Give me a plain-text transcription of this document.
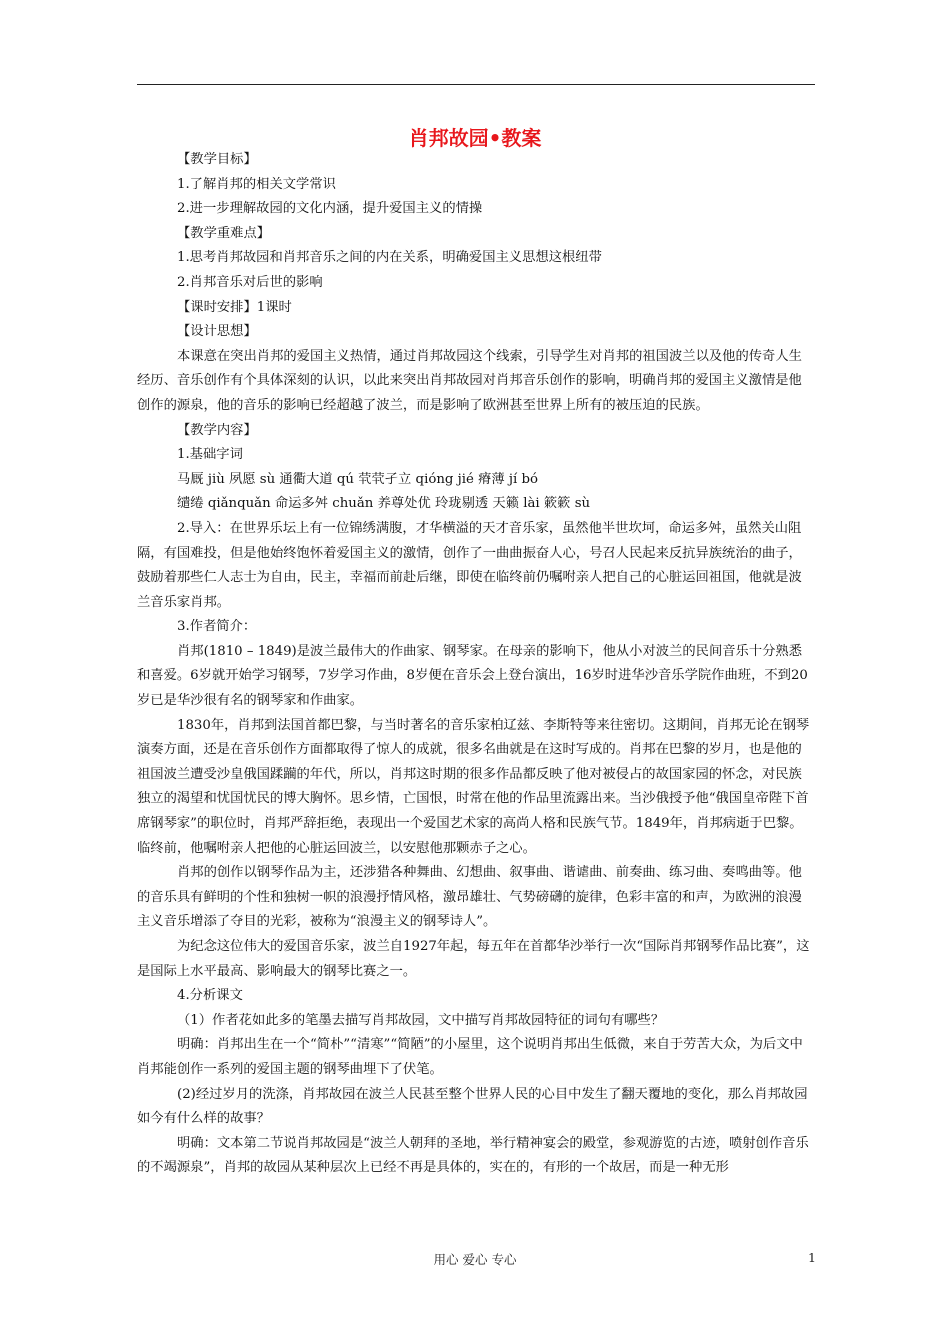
肖邦故园•教案

【教学目标】

1.了解肖邦的相关文学常识

2.进一步理解故园的文化内涵，提升爱国主义的情操

【教学重难点】

1.思考肖邦故园和肖邦音乐之间的内在关系，明确爱国主义思想这根纽带

2.肖邦音乐对后世的影响

【课时安排】1课时

【设计思想】

本课意在突出肖邦的爱国主义热情，通过肖邦故园这个线索，引导学生对肖邦的祖国波兰以及他的传奇人生经历、音乐创作有个具体深刻的认识，以此来突出肖邦故园对肖邦音乐创作的影响，明确肖邦的爱国主义激情是他创作的源泉，他的音乐的影响已经超越了波兰，而是影响了欧洲甚至世界上所有的被压迫的民族。

【教学内容】

1.基础字词

马厩 jiù 夙愿 sù 通衢大道 qú 茕茕孑立 qióng jié 瘠薄 jí bó

缱绻 qiǎnquǎn 命运多舛 chuǎn 养尊处优 玲珑剔透 天籁 lài 簌簌 sù

2.导入：在世界乐坛上有一位锦绣满腹，才华横溢的天才音乐家，虽然他半世坎坷，命运多舛，虽然关山阻隔，有国难投，但是他始终饱怀着爱国主义的激情，创作了一曲曲振奋人心，号召人民起来反抗异族统治的曲子，鼓励着那些仁人志士为自由，民主，幸福而前赴后继，即使在临终前仍嘱咐亲人把自己的心脏运回祖国，他就是波兰音乐家肖邦。

3.作者简介：

肖邦(1810 – 1849)是波兰最伟大的作曲家、钢琴家。在母亲的影响下，他从小对波兰的民间音乐十分熟悉和喜爱。6岁就开始学习钢琴，7岁学习作曲，8岁便在音乐会上登台演出，16岁时进华沙音乐学院作曲班，不到20岁已是华沙很有名的钢琴家和作曲家。

1830年，肖邦到法国首都巴黎，与当时著名的音乐家柏辽兹、李斯特等来往密切。这期间，肖邦无论在钢琴演奏方面，还是在音乐创作方面都取得了惊人的成就，很多名曲就是在这时写成的。肖邦在巴黎的岁月，也是他的祖国波兰遭受沙皇俄国蹂躏的年代，所以，肖邦这时期的很多作品都反映了他对被侵占的故国家园的怀念，对民族独立的渴望和忧国忧民的博大胸怀。思乡情，亡国恨，时常在他的作品里流露出来。当沙俄授予他“俄国皇帝陛下首席钢琴家”的职位时，肖邦严辞拒绝，表现出一个爱国艺术家的高尚人格和民族气节。1849年，肖邦病逝于巴黎。临终前，他嘱咐亲人把他的心脏运回波兰，以安慰他那颗赤子之心。

肖邦的创作以钢琴作品为主，还涉猎各种舞曲、幻想曲、叙事曲、谐谑曲、前奏曲、练习曲、奏鸣曲等。他的音乐具有鲜明的个性和独树一帜的浪漫抒情风格，激昂雄壮、气势磅礴的旋律，色彩丰富的和声，为欧洲的浪漫主义音乐增添了夺目的光彩，被称为“浪漫主义的钢琴诗人”。

为纪念这位伟大的爱国音乐家，波兰自1927年起，每五年在首都华沙举行一次“国际肖邦钢琴作品比赛”，这是国际上水平最高、影响最大的钢琴比赛之一。

4.分析课文

（1）作者花如此多的笔墨去描写肖邦故园，文中描写肖邦故园特征的词句有哪些？

明确：肖邦出生在一个“简朴”“清寒”“简陋”的小屋里，这个说明肖邦出生低微，来自于劳苦大众，为后文中肖邦能创作一系列的爱国主题的钢琴曲埋下了伏笔。

(2)经过岁月的洗涤，肖邦故园在波兰人民甚至整个世界人民的心目中发生了翻天覆地的变化，那么肖邦故园 如今有什么样的故事？

明确：文本第二节说肖邦故园是“波兰人朝拜的圣地，举行精神宴会的殿堂，参观游览的古迹，喷射创作音乐的不竭源泉”，肖邦的故园从某种层次上已经不再是具体的，实在的，有形的一个故居，而是一种无形

用心 爱心 专心	1
